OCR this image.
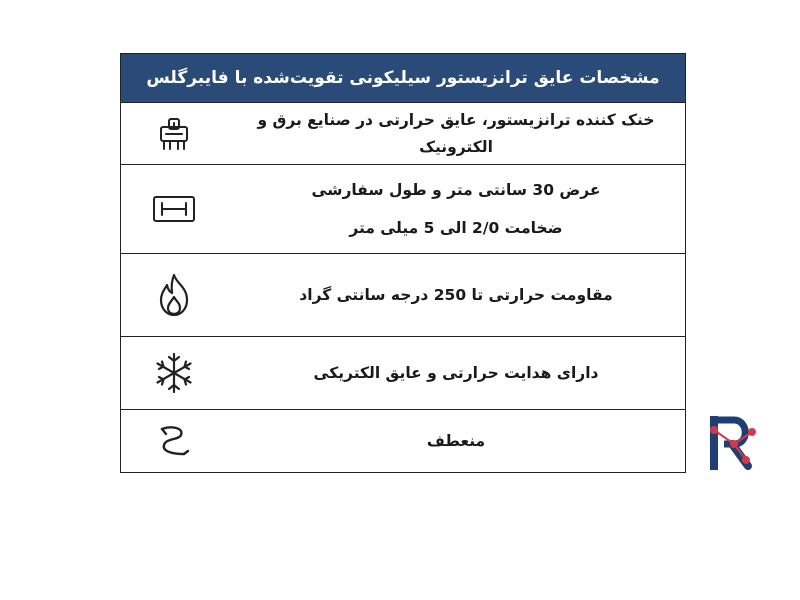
مشخصات عایق ترانزیستور سیلیکونی تقویت‌شده با فایبرگلس
خنک کننده ترانزیستور، عایق حرارتی در صنایع برق و
الکترونیک
عرض 30 سانتی متر و طول سفارشی
ضخامت 2/0 الی 5 میلی متر
مقاومت حرارتی تا 250 درجه سانتی گراد
دارای هدایت حرارتی و عایق الکتریکی
منعطف
